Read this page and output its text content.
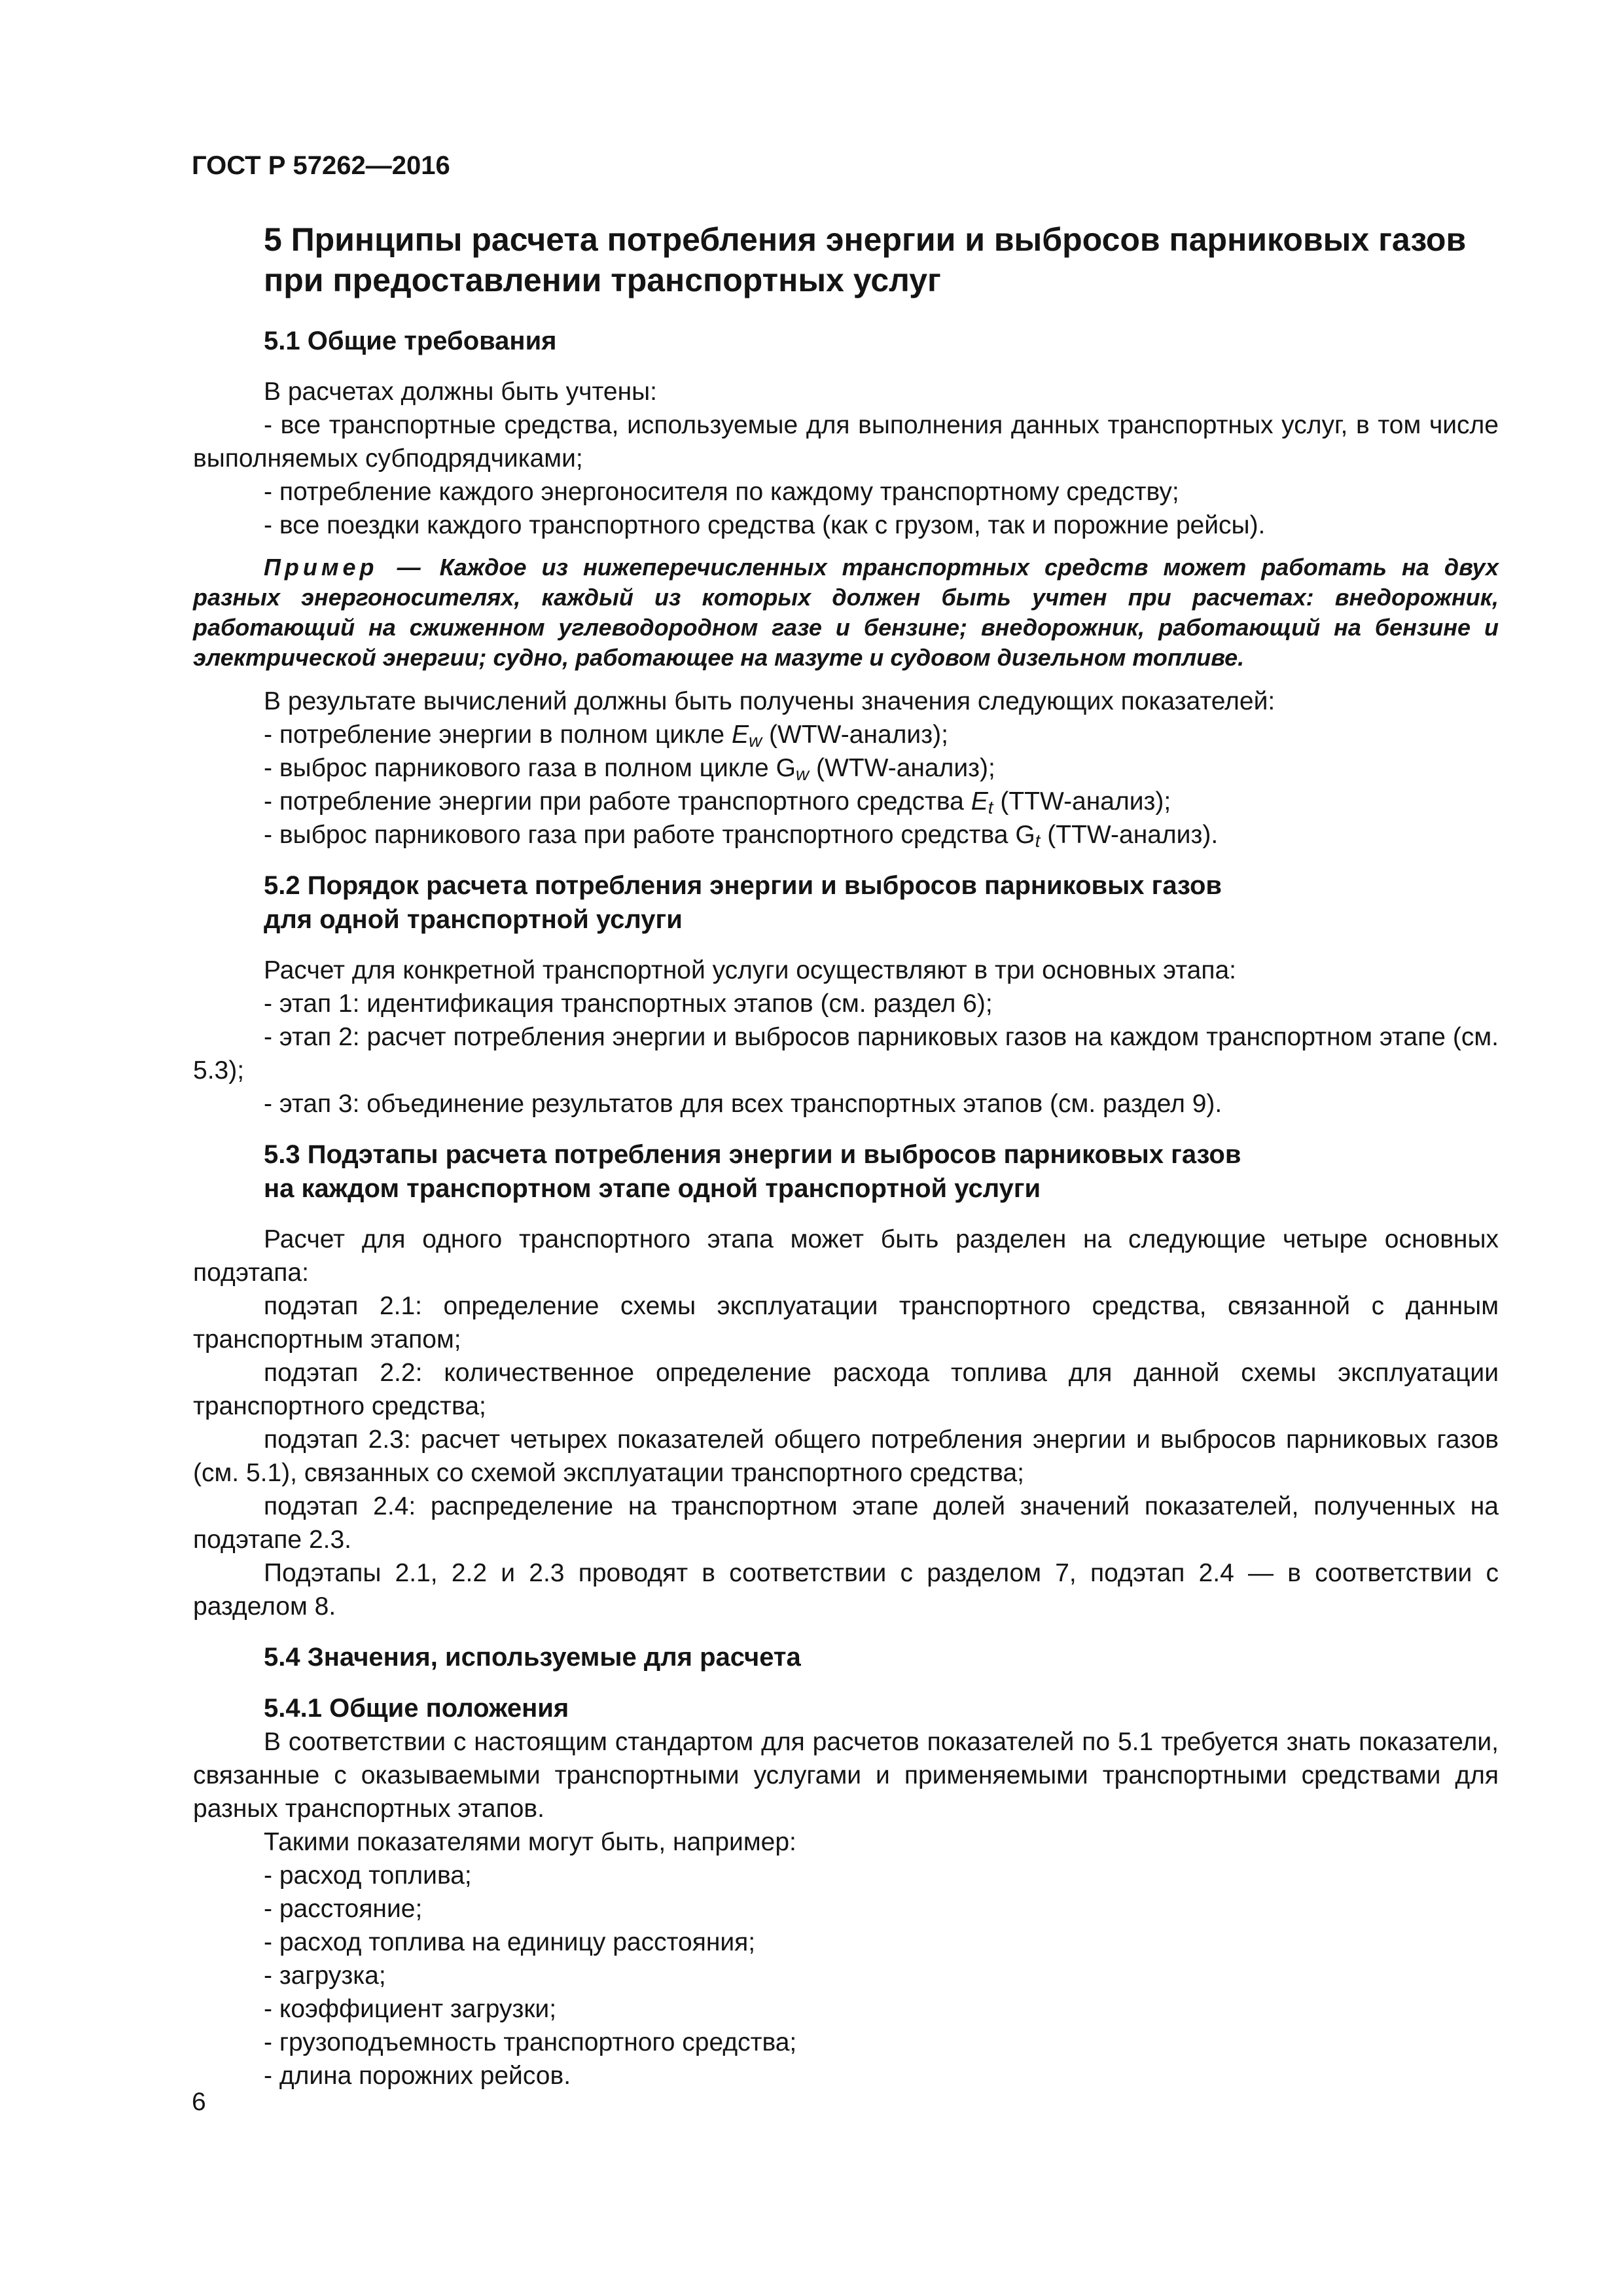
ГОСТ Р 57262—2016
5 Принципы расчета потребления энергии и выбросов парниковых газов при предоставлении транспортных услуг
5.1 Общие требования

В расчетах должны быть учтены:

- все транспортные средства, используемые для выполнения данных транспортных услуг, в том числе выполняемых субподрядчиками;

- потребление каждого энергоносителя по каждому транспортному средству;

- все поездки каждого транспортного средства (как с грузом, так и порожние рейсы).

Пример — Каждое из нижеперечисленных транспортных средств может работать на двух разных энергоносителях, каждый из которых должен быть учтен при расчетах: внедорожник, работающий на сжиженном углеводородном газе и бензине; внедорожник, работающий на бензине и электрической энергии; судно, работающее на мазуте и судовом дизельном топливе.

В результате вычислений должны быть получены значения следующих показателей:

- потребление энергии в полном цикле $E_w$ (WTW-анализ);

- выброс парникового газа в полном цикле $G_w$ (WTW-анализ);

- потребление энергии при работе транспортного средства $E_t$ (TTW-анализ);

- выброс парникового газа при работе транспортного средства $G_t$ (TTW-анализ).

5.2 Порядок расчета потребления энергии и выбросов парниковых газов
для одной транспортной услуги

Расчет для конкретной транспортной услуги осуществляют в три основных этапа:

- этап 1: идентификация транспортных этапов (см. раздел 6);

- этап 2: расчет потребления энергии и выбросов парниковых газов на каждом транспортном этапе (см. 5.3);

- этап 3: объединение результатов для всех транспортных этапов (см. раздел 9).

5.3 Подэтапы расчета потребления энергии и выбросов парниковых газов
на каждом транспортном этапе одной транспортной услуги

Расчет для одного транспортного этапа может быть разделен на следующие четыре основных подэтапа:

подэтап 2.1: определение схемы эксплуатации транспортного средства, связанной с данным транспортным этапом;

подэтап 2.2: количественное определение расхода топлива для данной схемы эксплуатации транспортного средства;

подэтап 2.3: расчет четырех показателей общего потребления энергии и выбросов парниковых газов (см. 5.1), связанных со схемой эксплуатации транспортного средства;

подэтап 2.4: распределение на транспортном этапе долей значений показателей, полученных на подэтапе 2.3.

Подэтапы 2.1, 2.2 и 2.3 проводят в соответствии с разделом 7, подэтап 2.4 — в соответствии с разделом 8.

5.4 Значения, используемые для расчета
5.4.1 Общие положения

В соответствии с настоящим стандартом для расчетов показателей по 5.1 требуется знать показатели, связанные с оказываемыми транспортными услугами и применяемыми транспортными средствами для разных транспортных этапов.

Такими показателями могут быть, например:

- расход топлива;

- расстояние;

- расход топлива на единицу расстояния;

- загрузка;

- коэффициент загрузки;

- грузоподъемность транспортного средства;

- длина порожних рейсов.

6
